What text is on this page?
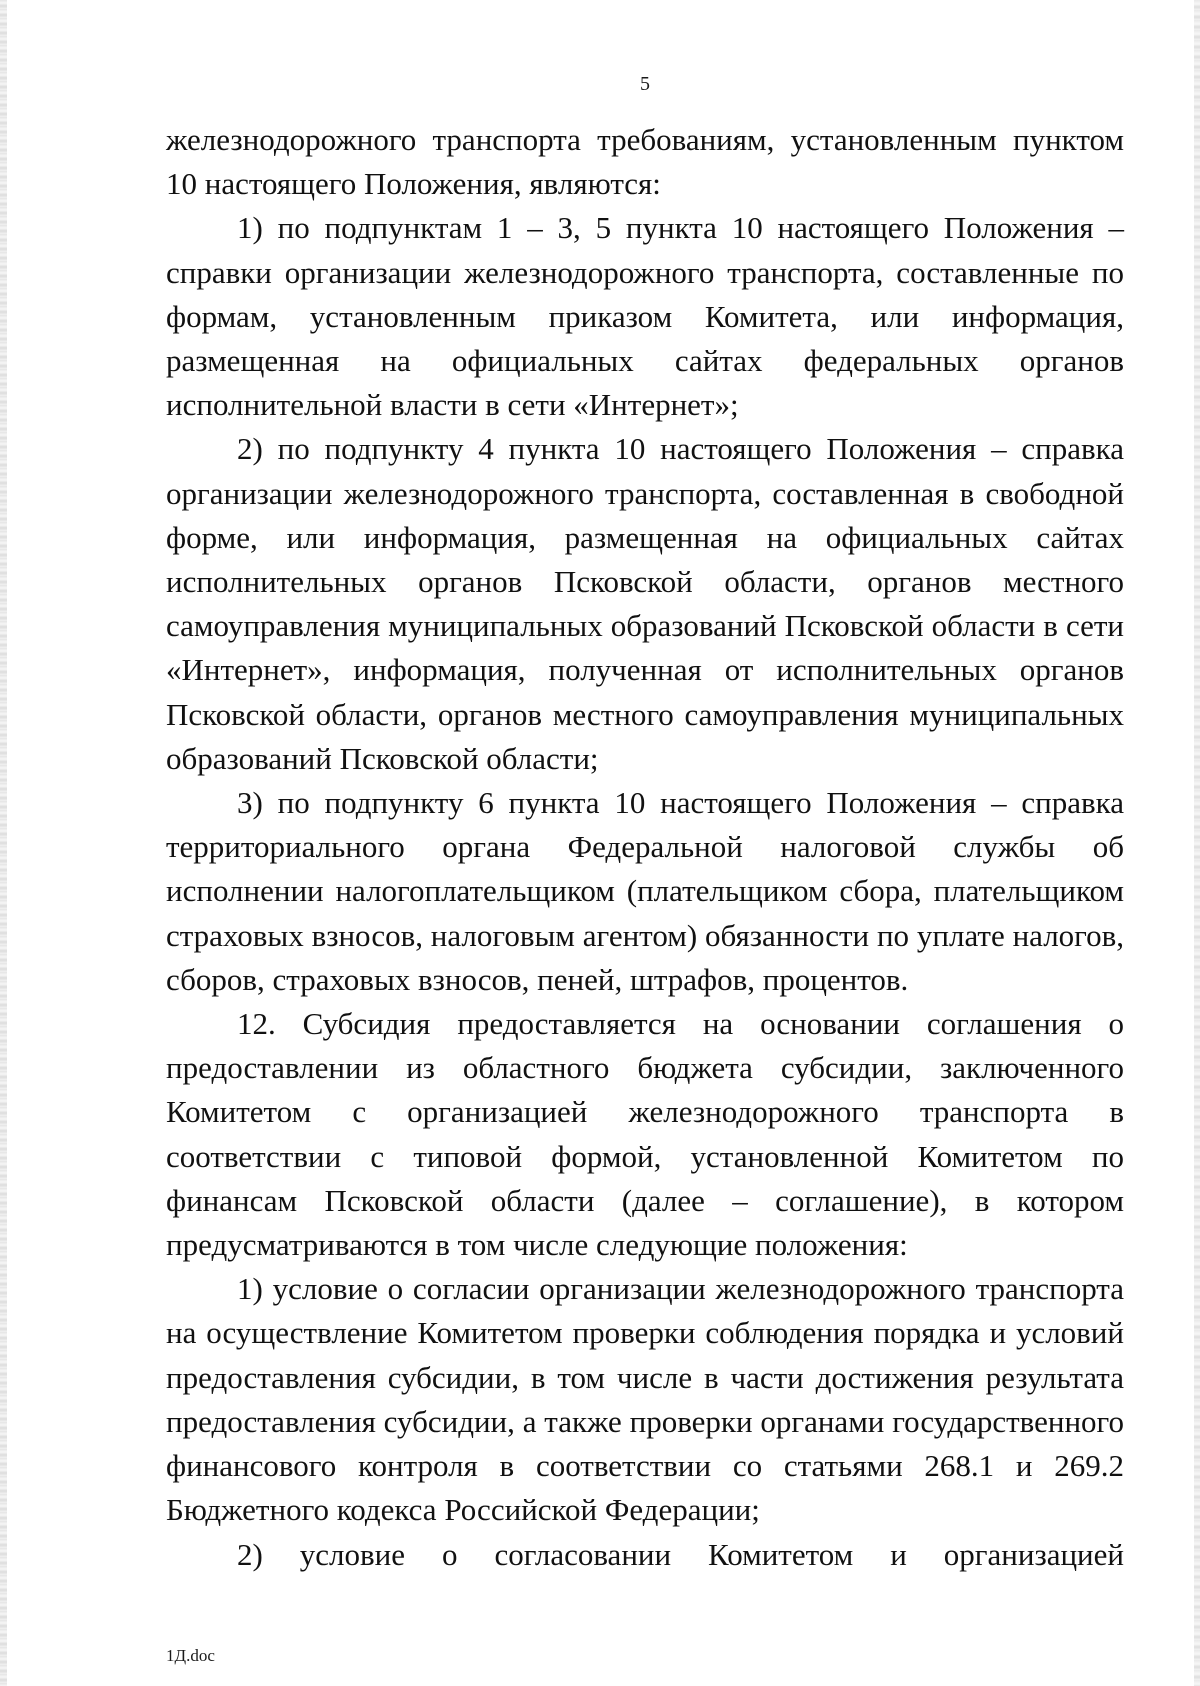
5

железнодорожного транспорта требованиям, установленным пунктом 10 настоящего Положения, являются:

1) по подпунктам 1 – 3, 5 пункта 10 настоящего Положения – справки организации железнодорожного транспорта, составленные по формам, установленным приказом Комитета, или информация, размещенная на официальных сайтах федеральных органов исполнительной власти в сети «Интернет»;

2) по подпункту 4 пункта 10 настоящего Положения – справка организации железнодорожного транспорта, составленная в свободной форме, или информация, размещенная на официальных сайтах исполнительных органов Псковской области, органов местного самоуправления муниципальных образований Псковской области в сети «Интернет», информация, полученная от исполнительных органов Псковской области, органов местного самоуправления муниципальных образований Псковской области;

3) по подпункту 6 пункта 10 настоящего Положения – справка территориального органа Федеральной налоговой службы об исполнении налогоплательщиком (плательщиком сбора, плательщиком страховых взносов, налоговым агентом) обязанности по уплате налогов, сборов, страховых взносов, пеней, штрафов, процентов.

12. Субсидия предоставляется на основании соглашения о предоставлении из областного бюджета субсидии, заключенного Комитетом с организацией железнодорожного транспорта в соответствии с типовой формой, установленной Комитетом по финансам Псковской области (далее – соглашение), в котором предусматриваются в том числе следующие положения:

1) условие о согласии организации железнодорожного транспорта на осуществление Комитетом проверки соблюдения порядка и условий предоставления субсидии, в том числе в части достижения результата предоставления субсидии, а также проверки органами государственного финансового контроля в соответствии со статьями 268.1 и 269.2 Бюджетного кодекса Российской Федерации;

2) условие о согласовании Комитетом и организацией

1Д.doc
